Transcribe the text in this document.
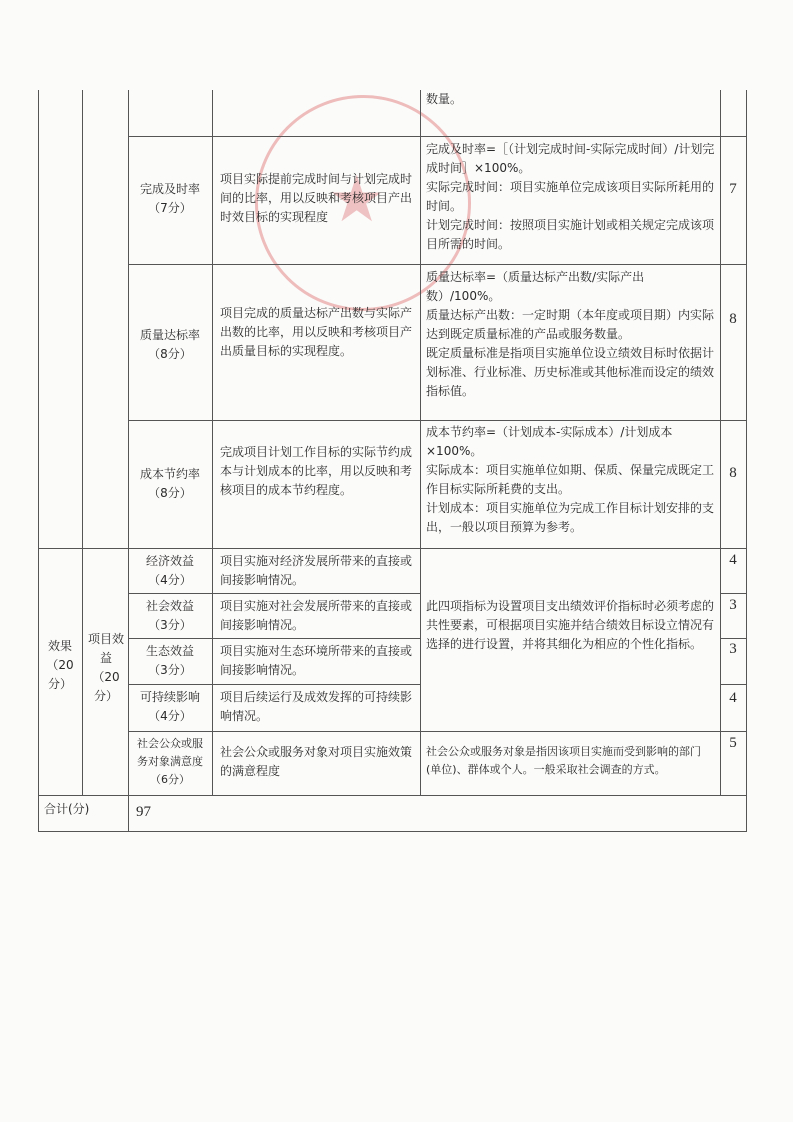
★
数量。
完成及时率
（7分）
项目实际提前完成时间与计划完成时间的比率，用以反映和考核项目产出时效目标的实现程度
完成及时率=［（计划完成时间-实际完成时间）/计划完成时间］×100%。
实际完成时间：项目实施单位完成该项目实际所耗用的时间。
计划完成时间：按照项目实施计划或相关规定完成该项目所需的时间。
7
质量达标率
（8分）
项目完成的质量达标产出数与实际产出数的比率，用以反映和考核项目产出质量目标的实现程度。
质量达标率=（质量达标产出数/实际产出数）/100%。
质量达标产出数：一定时期（本年度或项目期）内实际达到既定质量标准的产品或服务数量。
既定质量标准是指项目实施单位设立绩效目标时依据计划标准、行业标准、历史标准或其他标准而设定的绩效指标值。
8
成本节约率
（8分）
完成项目计划工作目标的实际节约成本与计划成本的比率，用以反映和考核项目的成本节约程度。
成本节约率=（计划成本-实际成本）/计划成本×100%。
实际成本：项目实施单位如期、保质、保量完成既定工作目标实际所耗费的支出。
计划成本：项目实施单位为完成工作目标计划安排的支出，一般以项目预算为参考。
8
效果
（20分）
项目效益
（20分）
经济效益
（4分）
项目实施对经济发展所带来的直接或间接影响情况。
4
社会效益
（3分）
项目实施对社会发展所带来的直接或间接影响情况。
3
生态效益
（3分）
项目实施对生态环境所带来的直接或间接影响情况。
3
可持续影响
（4分）
项目后续运行及成效发挥的可持续影响情况。
4
此四项指标为设置项目支出绩效评价指标时必须考虑的共性要素，可根据项目实施并结合绩效目标设立情况有选择的进行设置，并将其细化为相应的个性化指标。
社会公众或服务对象满意度（6分）
社会公众或服务对象对项目实施效策的满意程度
社会公众或服务对象是指因该项目实施而受到影响的部门(单位)、群体或个人。一般采取社会调查的方式。
5
合计(分)	97
